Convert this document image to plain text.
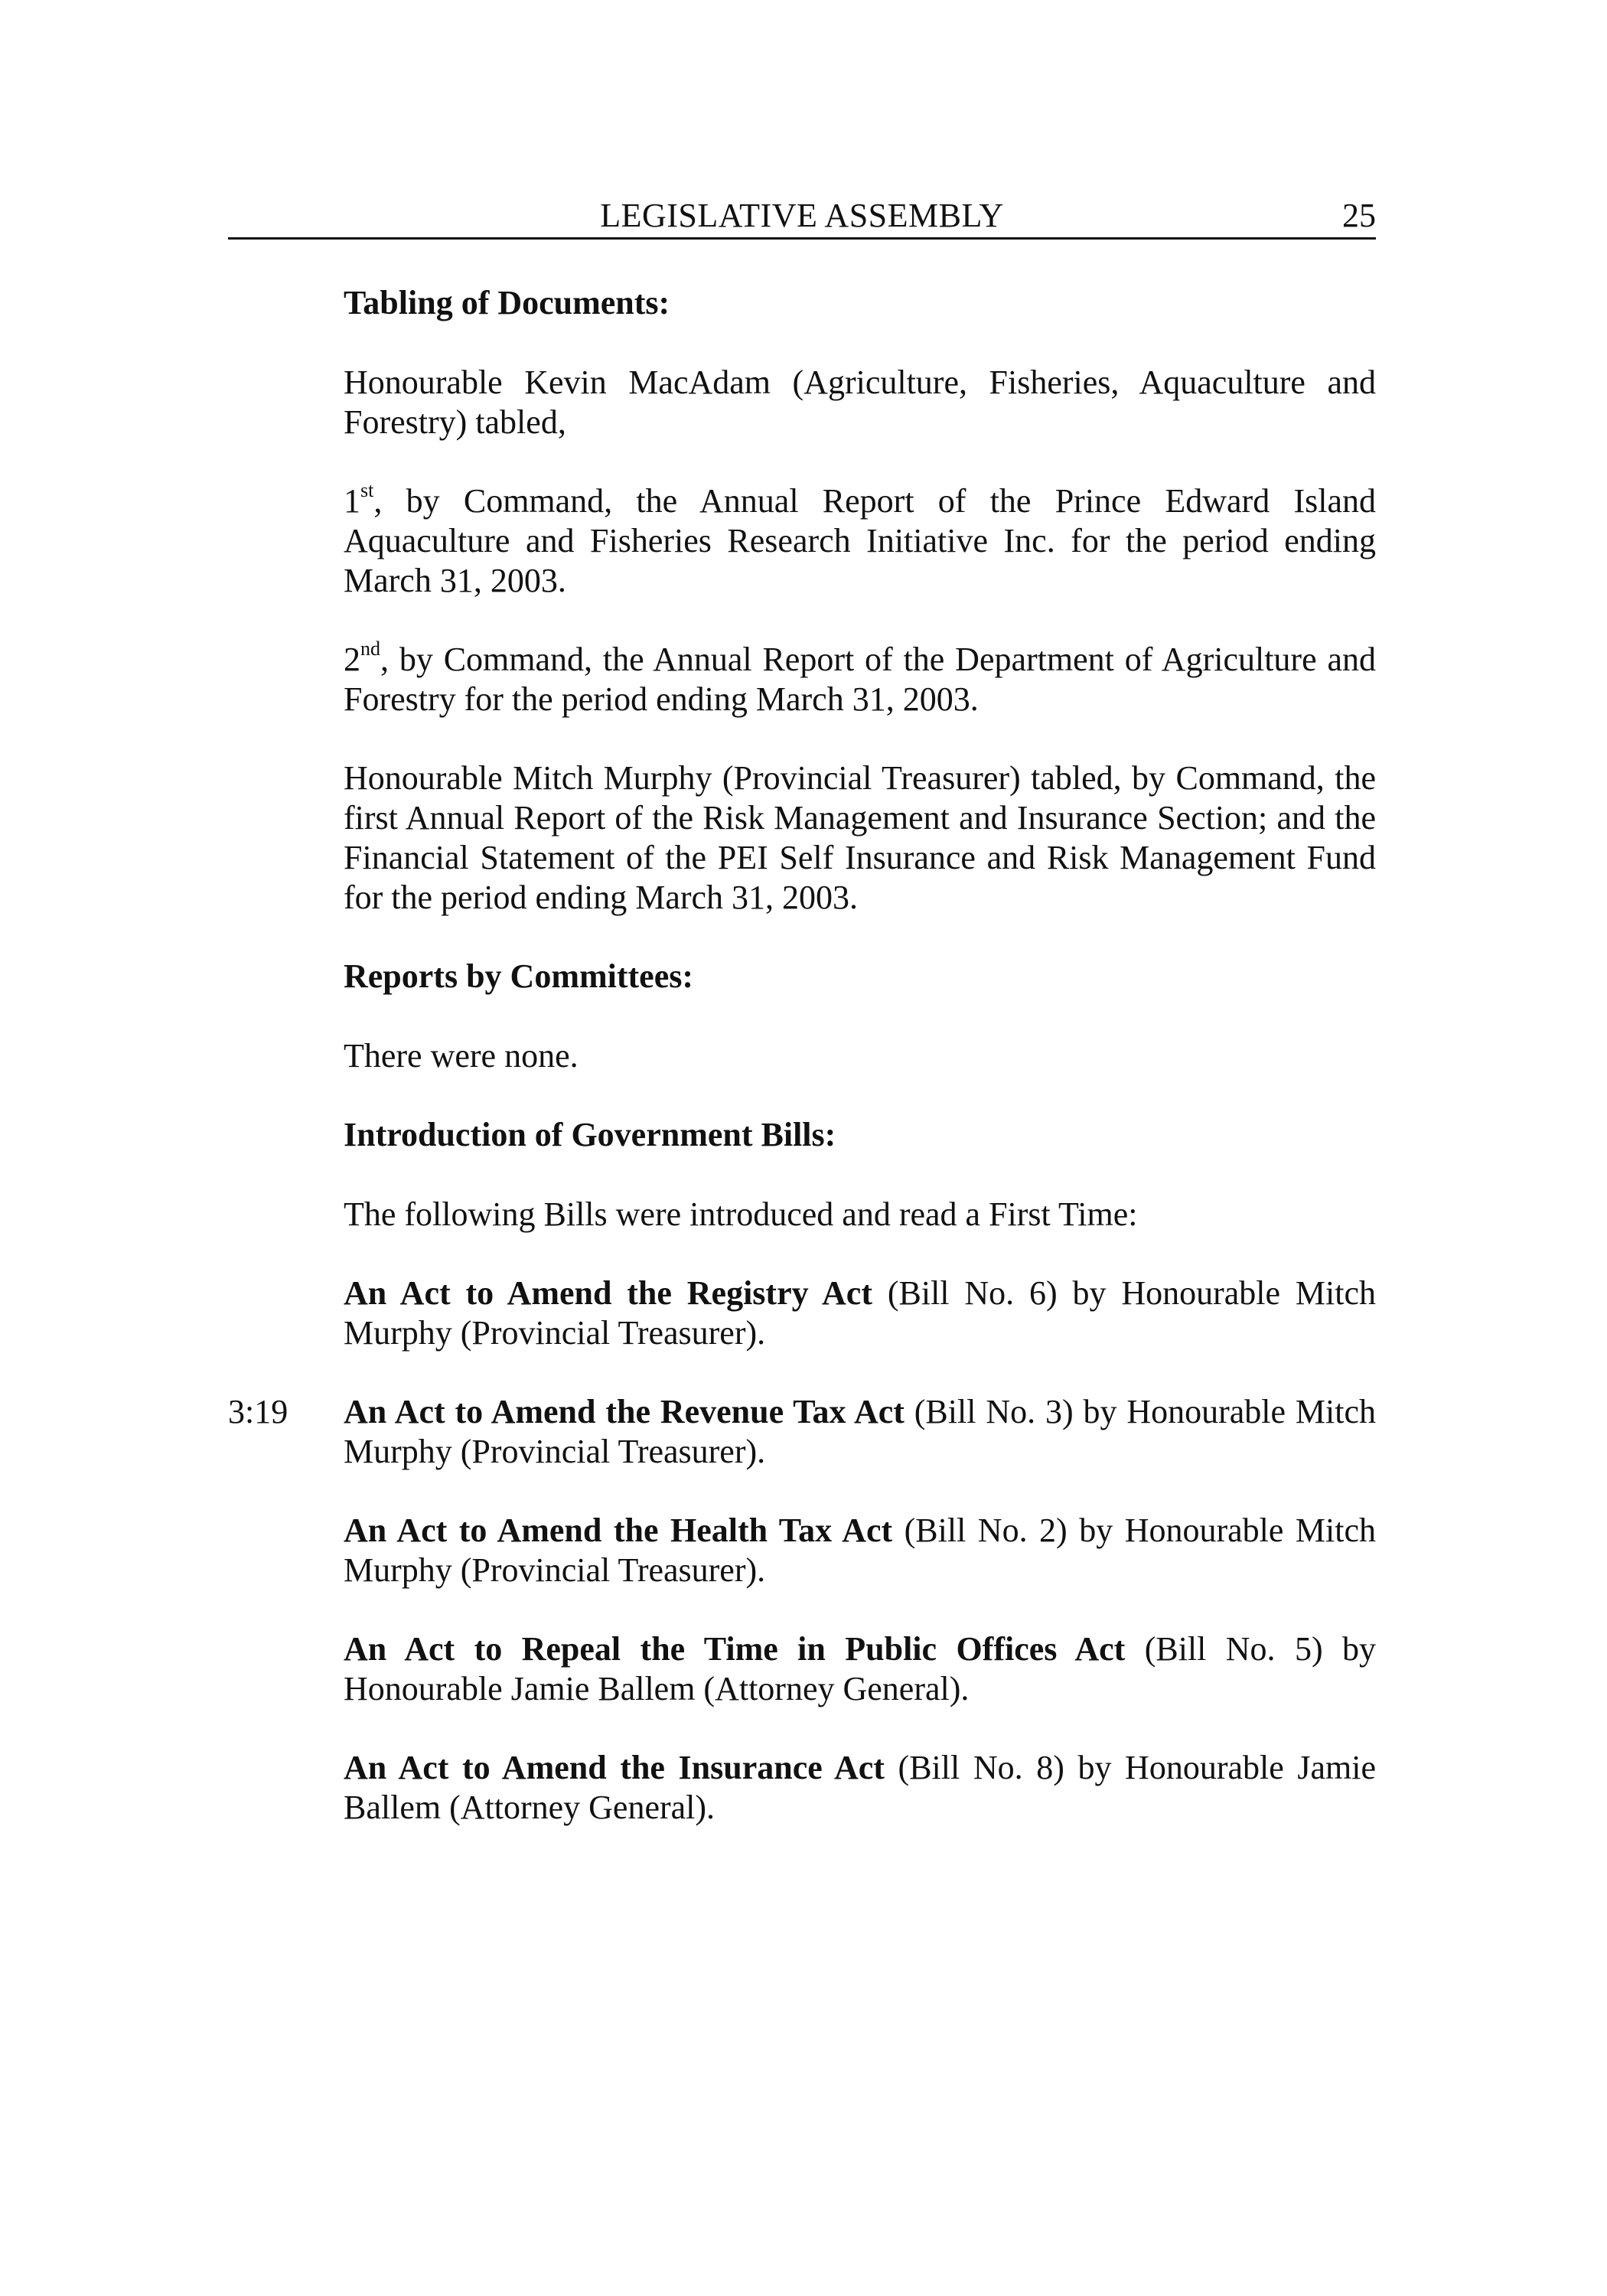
LEGISLATIVE ASSEMBLY	25
Tabling of Documents:

Honourable Kevin MacAdam (Agriculture, Fisheries, Aquaculture and Forestry) tabled,

1st, by Command, the Annual Report of the Prince Edward Island Aquaculture and Fisheries Research Initiative Inc. for the period ending March 31, 2003.

2nd, by Command, the Annual Report of the Department of Agriculture and Forestry for the period ending March 31, 2003.

Honourable Mitch Murphy (Provincial Treasurer) tabled, by Command, the first Annual Report of the Risk Management and Insurance Section; and the Financial Statement of the PEI Self Insurance and Risk Management Fund for the period ending March 31, 2003.

Reports by Committees:

There were none.

Introduction of Government Bills:

The following Bills were introduced and read a First Time:

An Act to Amend the Registry Act (Bill No. 6) by Honourable Mitch Murphy (Provincial Treasurer).

3:19 An Act to Amend the Revenue Tax Act (Bill No. 3) by Honourable Mitch Murphy (Provincial Treasurer).

An Act to Amend the Health Tax Act (Bill No. 2) by Honourable Mitch Murphy (Provincial Treasurer).

An Act to Repeal the Time in Public Offices Act (Bill No. 5) by Honourable Jamie Ballem (Attorney General).

An Act to Amend the Insurance Act (Bill No. 8) by Honourable Jamie Ballem (Attorney General).
